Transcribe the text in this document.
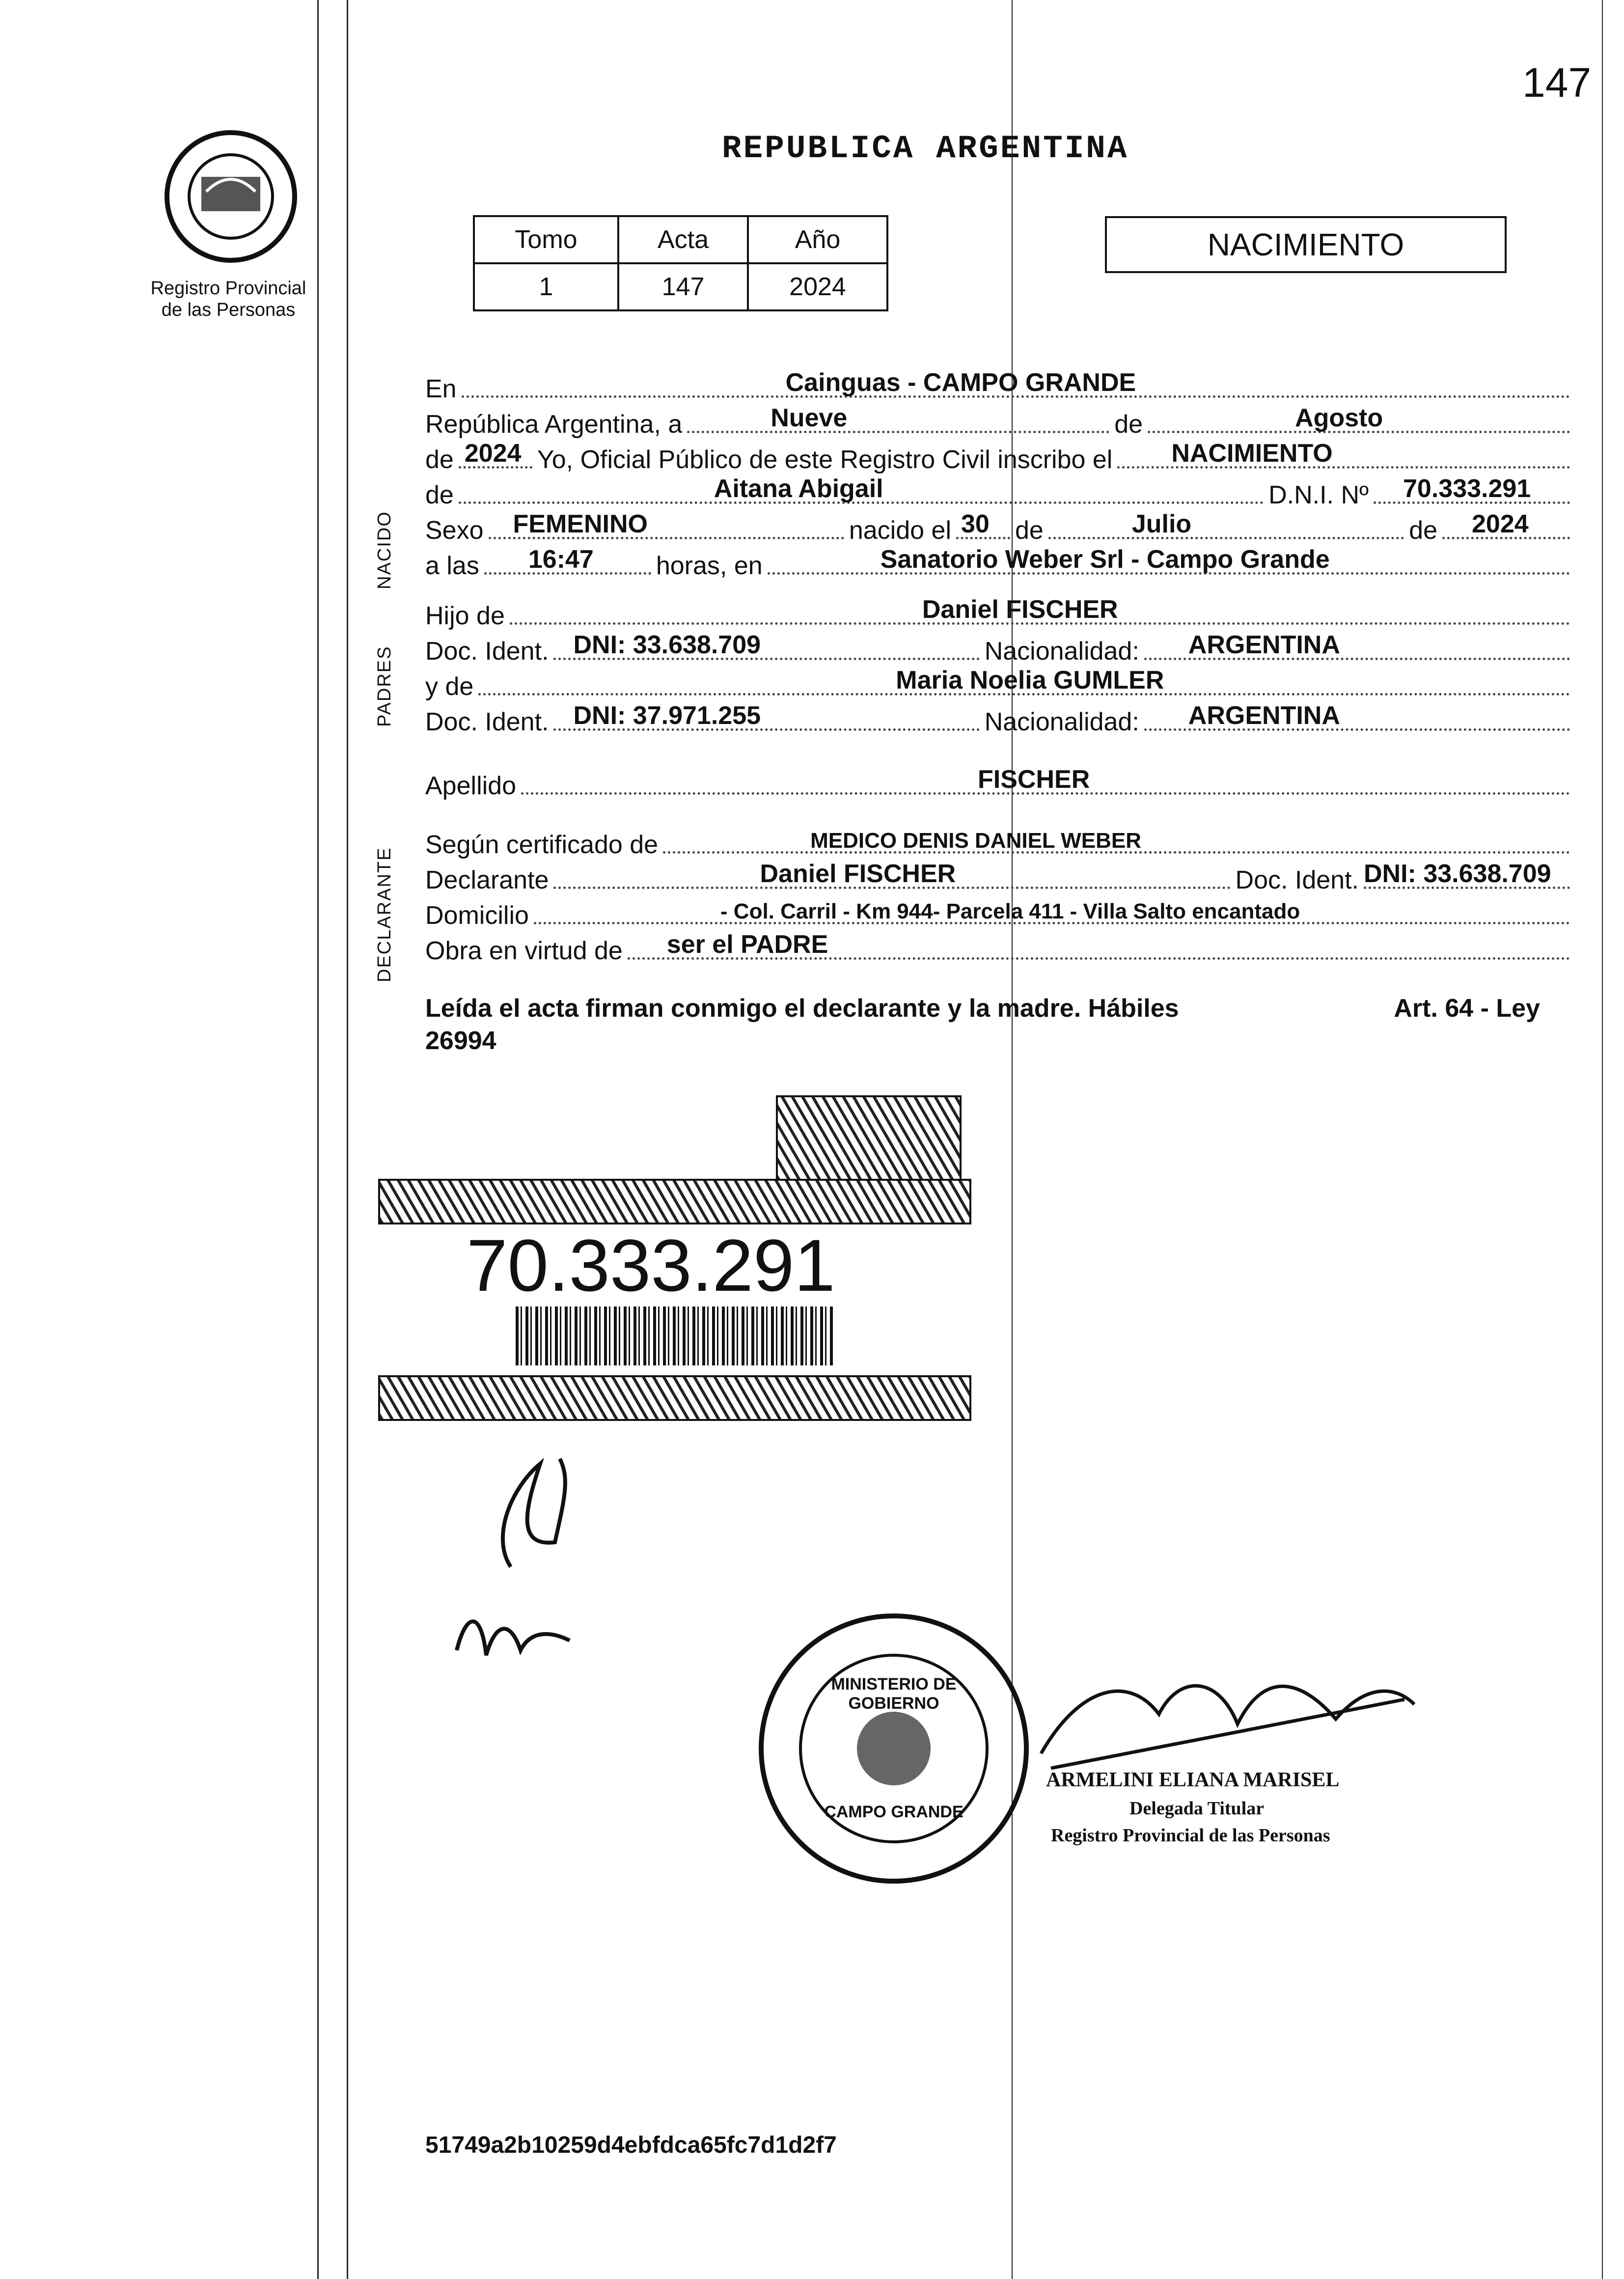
147
Registro Provincial
de las Personas
REPUBLICA ARGENTINA
Tomo	Acta	Año
1	147	2024
NACIMIENTO
NACIDO
PADRES
DECLARANTE
En	Cainguas - CAMPO GRANDE
República Argentina, a	Nueve	de	Agosto
de 2024 Yo, Oficial Público de este Registro Civil inscribo el NACIMIENTO
de	Aitana Abigail	D.N.I. Nº 70.333.291
Sexo FEMENINO	nacido el 30 de	Julio	de 2024
a las 16:47 horas, en	Sanatorio Weber Srl - Campo Grande
Hijo de	Daniel FISCHER
Doc. Ident. DNI: 33.638.709	Nacionalidad: ARGENTINA
y de	Maria Noelia GUMLER
Doc. Ident. DNI: 37.971.255	Nacionalidad: ARGENTINA
Apellido	FISCHER
Según certificado de	MEDICO DENIS DANIEL WEBER
Declarante	Daniel FISCHER	Doc. Ident. DNI: 33.638.709
Domicilio	- Col. Carril - Km 944- Parcela 411 - Villa Salto encantado
Obra en virtud de ser el PADRE
Leída el acta firman conmigo el declarante y la madre. Hábiles	Art. 64 - Ley
26994
70.333.291
MINISTERIO DE GOBIERNO
CAMPO GRANDE
ARMELINI ELIANA MARISEL
Delegada Titular
Registro Provincial de las Personas
51749a2b10259d4ebfdca65fc7d1d2f7
